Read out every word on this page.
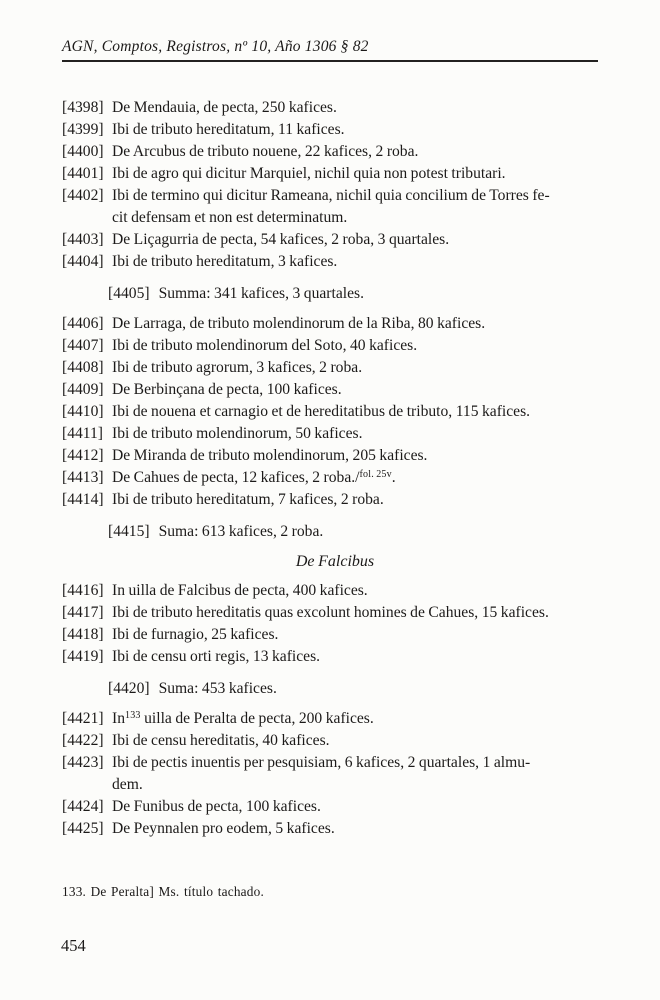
AGN, Comptos, Registros, nº 10, Año 1306 § 82

[4398] De Mendauia, de pecta, 250 kafices.

[4399] Ibi de tributo hereditatum, 11 kafices.

[4400] De Arcubus de tributo nouene, 22 kafices, 2 roba.

[4401] Ibi de agro qui dicitur Marquiel, nichil quia non potest tributari.

[4402] Ibi de termino qui dicitur Rameana, nichil quia concilium de Torres fe-
cit defensam et non est determinatum.

[4403] De Liçagurria de pecta, 54 kafices, 2 roba, 3 quartales.

[4404] Ibi de tributo hereditatum, 3 kafices.

[4405] Summa: 341 kafices, 3 quartales.

[4406] De Larraga, de tributo molendinorum de la Riba, 80 kafices.

[4407] Ibi de tributo molendinorum del Soto, 40 kafices.

[4408] Ibi de tributo agrorum, 3 kafices, 2 roba.

[4409] De Berbinçana de pecta, 100 kafices.

[4410] Ibi de nouena et carnagio et de hereditatibus de tributo, 115 kafices.

[4411] Ibi de tributo molendinorum, 50 kafices.

[4412] De Miranda de tributo molendinorum, 205 kafices.

[4413] De Cahues de pecta, 12 kafices, 2 roba./$^{fol. 25v}$.

[4414] Ibi de tributo hereditatum, 7 kafices, 2 roba.

[4415] Suma: 613 kafices, 2 roba.

De Falcibus

[4416] In uilla de Falcibus de pecta, 400 kafices.

[4417] Ibi de tributo hereditatis quas excolunt homines de Cahues, 15 kafices.

[4418] Ibi de furnagio, 25 kafices.

[4419] Ibi de censu orti regis, 13 kafices.

[4420] Suma: 453 kafices.

[4421] In$^{133}$ uilla de Peralta de pecta, 200 kafices.

[4422] Ibi de censu hereditatis, 40 kafices.

[4423] Ibi de pectis inuentis per pesquisiam, 6 kafices, 2 quartales, 1 almu-
dem.

[4424] De Funibus de pecta, 100 kafices.

[4425] De Peynnalen pro eodem, 5 kafices.

133. De Peralta] Ms. título tachado.
454
